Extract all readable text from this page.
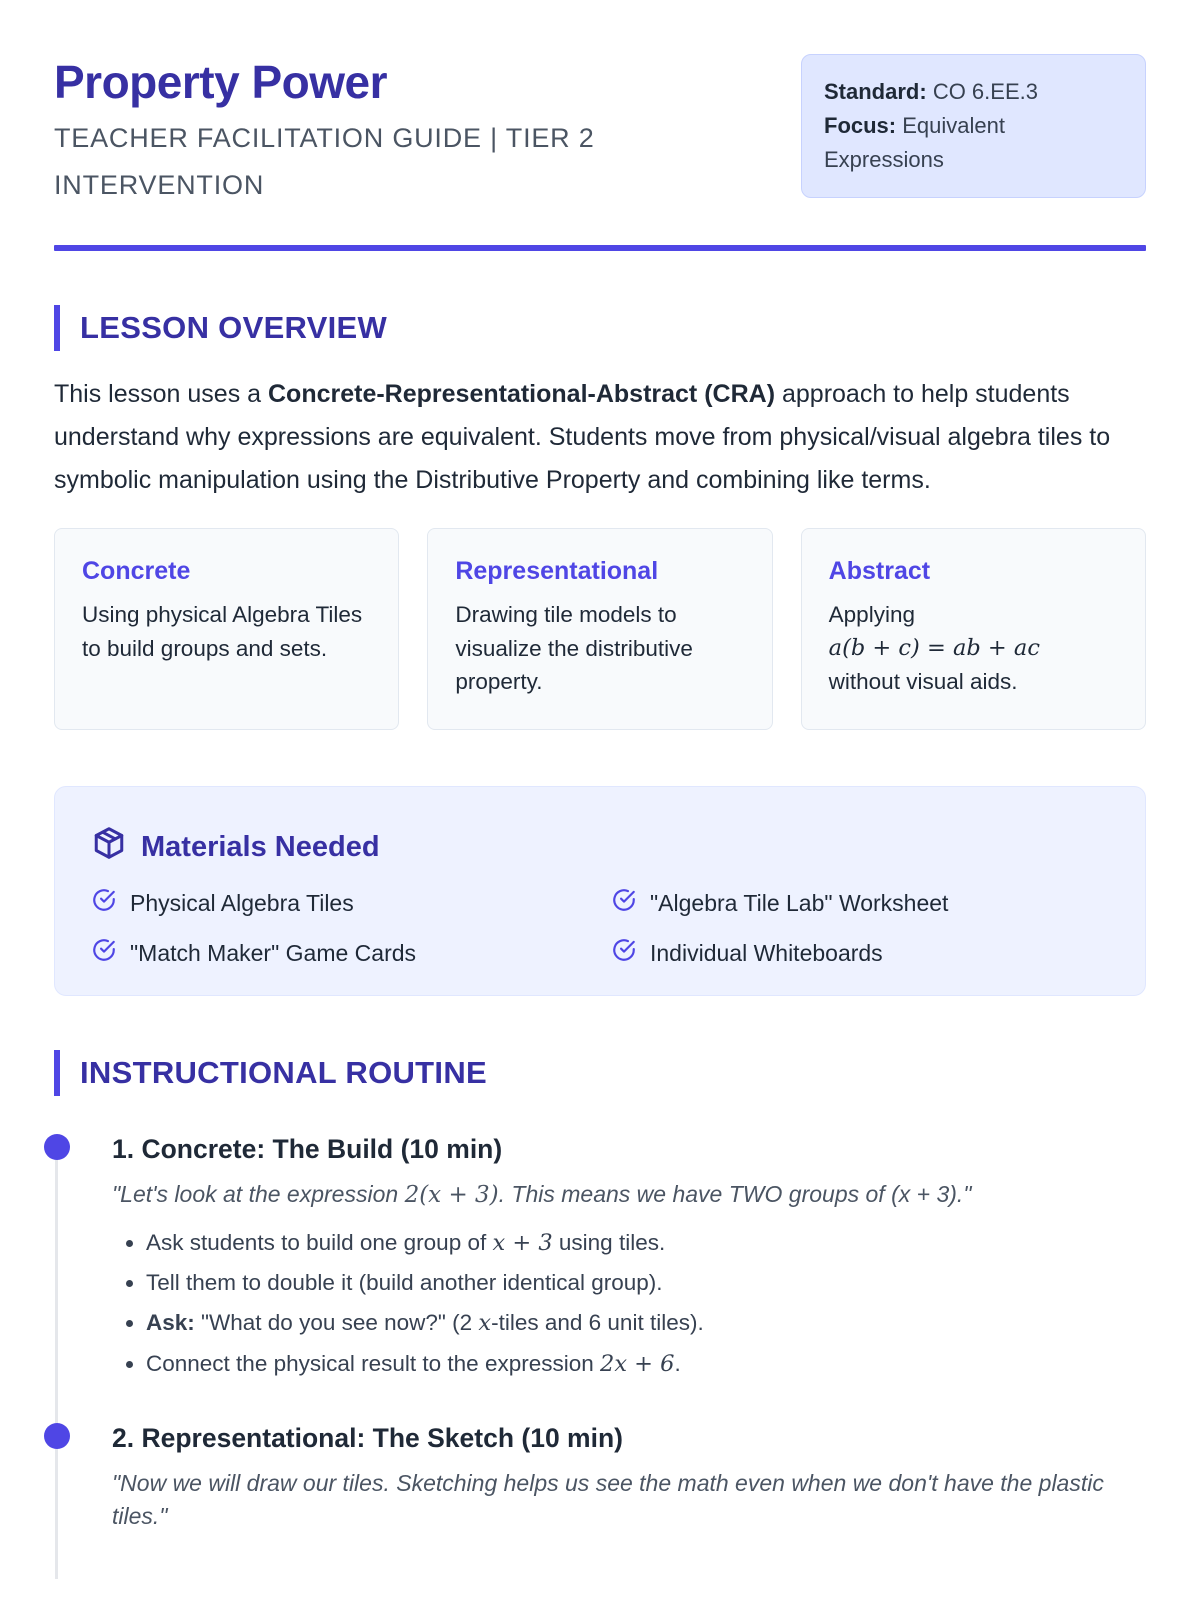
Property Power
TEACHER FACILITATION GUIDE | TIER 2 INTERVENTION
Standard: CO 6.EE.3
Focus: Equivalent Expressions
LESSON OVERVIEW
This lesson uses a Concrete-Representational-Abstract (CRA) approach to help students understand why expressions are equivalent. Students move from physical/visual algebra tiles to symbolic manipulation using the Distributive Property and combining like terms.
Concrete
Using physical Algebra Tiles to build groups and sets.
Representational
Drawing tile models to visualize the distributive property.
Abstract
Applying
a(b + c) = ab + ac
without visual aids.
Materials Needed
Physical Algebra Tiles	"Algebra Tile Lab" Worksheet
"Match Maker" Game Cards	Individual Whiteboards
INSTRUCTIONAL ROUTINE
1. Concrete: The Build (10 min)
"Let's look at the expression 2(x + 3). This means we have TWO groups of (x + 3)."
• Ask students to build one group of x + 3 using tiles.
• Tell them to double it (build another identical group).
• Ask: "What do you see now?" (2 x-tiles and 6 unit tiles).
• Connect the physical result to the expression 2x + 6.
2. Representational: The Sketch (10 min)
"Now we will draw our tiles. Sketching helps us see the math even when we don't have the plastic tiles."
